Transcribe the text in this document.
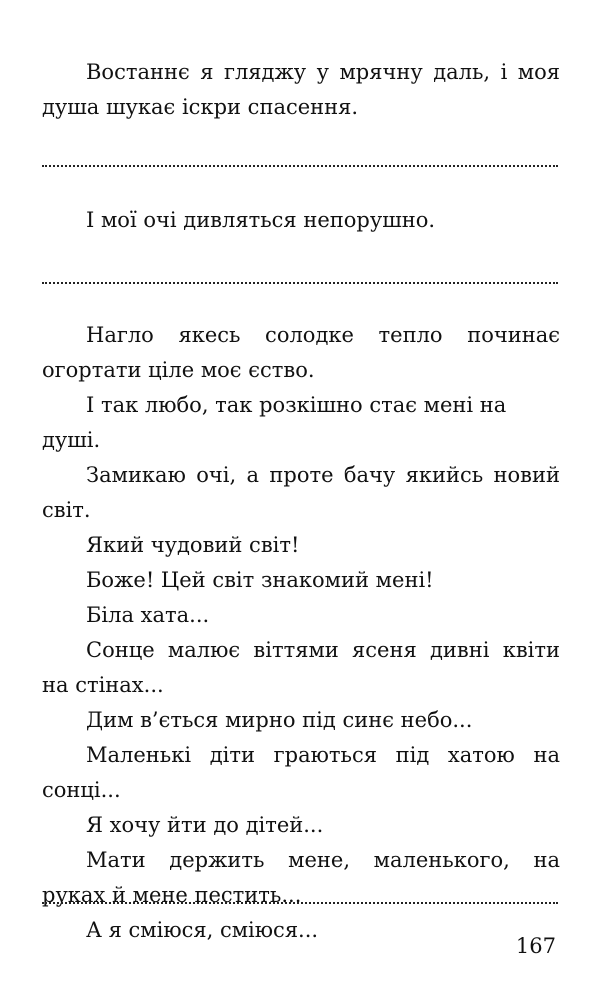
Востаннє я гляджу у мрячну даль, і моя душа шукає іскри спасення.

І мої очі дивляться непорушно.

Нагло якесь солодке тепло починає огортати ціле моє єство.

І так любо, так розкішно стає мені на душі.

Замикаю очі, а проте бачу якийсь новий світ.

Який чудовий світ!

Боже! Цей світ знакомий мені!

Біла хата...

Сонце малює віттями ясеня дивні квіти на стінах...

Дим в’ється мирно під синє небо...

Маленькі діти граються під хатою на сонці...

Я хочу йти до дітей...

Мати держить мене, маленького, на руках й мене пестить...

А я сміюся, сміюся...

167
